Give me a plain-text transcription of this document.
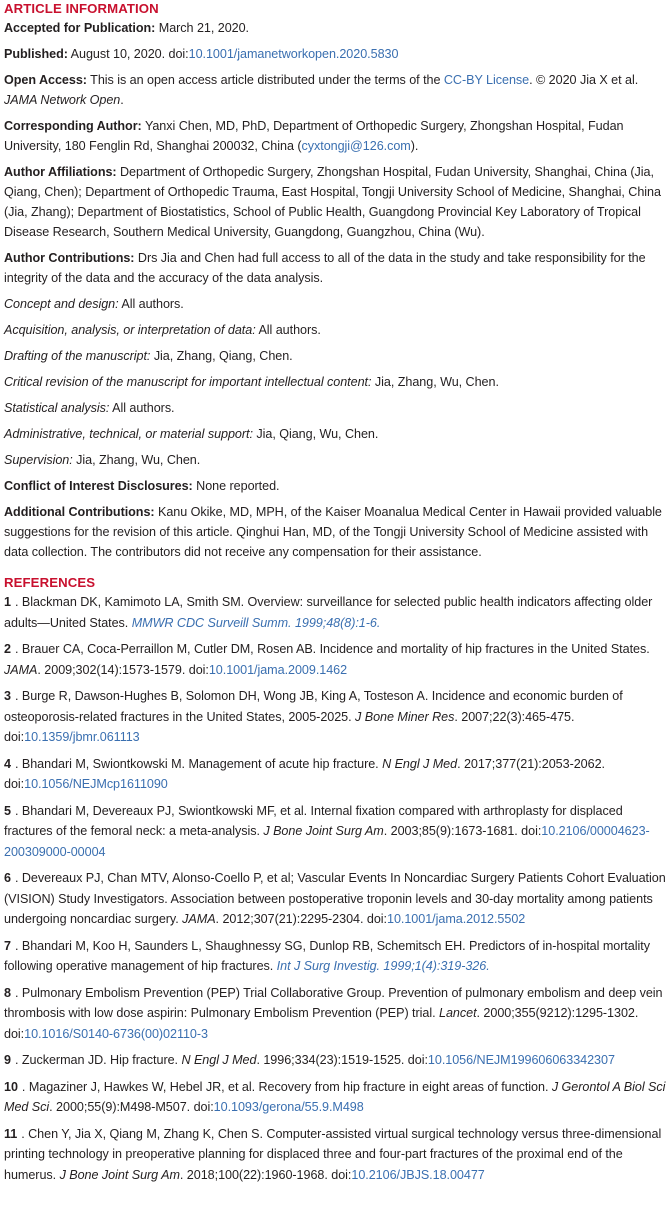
ARTICLE INFORMATION

Accepted for Publication: March 21, 2020.

Published: August 10, 2020. doi:10.1001/jamanetworkopen.2020.5830

Open Access: This is an open access article distributed under the terms of the CC-BY License. © 2020 Jia X et al. JAMA Network Open.

Corresponding Author: Yanxi Chen, MD, PhD, Department of Orthopedic Surgery, Zhongshan Hospital, Fudan University, 180 Fenglin Rd, Shanghai 200032, China (cyxtongji@126.com).

Author Affiliations: Department of Orthopedic Surgery, Zhongshan Hospital, Fudan University, Shanghai, China (Jia, Qiang, Chen); Department of Orthopedic Trauma, East Hospital, Tongji University School of Medicine, Shanghai, China (Jia, Zhang); Department of Biostatistics, School of Public Health, Guangdong Provincial Key Laboratory of Tropical Disease Research, Southern Medical University, Guangdong, Guangzhou, China (Wu).

Author Contributions: Drs Jia and Chen had full access to all of the data in the study and take responsibility for the integrity of the data and the accuracy of the data analysis.

Concept and design: All authors.

Acquisition, analysis, or interpretation of data: All authors.

Drafting of the manuscript: Jia, Zhang, Qiang, Chen.

Critical revision of the manuscript for important intellectual content: Jia, Zhang, Wu, Chen.

Statistical analysis: All authors.

Administrative, technical, or material support: Jia, Qiang, Wu, Chen.

Supervision: Jia, Zhang, Wu, Chen.

Conflict of Interest Disclosures: None reported.

Additional Contributions: Kanu Okike, MD, MPH, of the Kaiser Moanalua Medical Center in Hawaii provided valuable suggestions for the revision of this article. Qinghui Han, MD, of the Tongji University School of Medicine assisted with data collection. The contributors did not receive any compensation for their assistance.

REFERENCES

1 . Blackman DK, Kamimoto LA, Smith SM. Overview: surveillance for selected public health indicators affecting older adults—United States. MMWR CDC Surveill Summ. 1999;48(8):1-6.

2 . Brauer CA, Coca-Perraillon M, Cutler DM, Rosen AB. Incidence and mortality of hip fractures in the United States. JAMA. 2009;302(14):1573-1579. doi:10.1001/jama.2009.1462

3 . Burge R, Dawson-Hughes B, Solomon DH, Wong JB, King A, Tosteson A. Incidence and economic burden of osteoporosis-related fractures in the United States, 2005-2025. J Bone Miner Res. 2007;22(3):465-475. doi:10.1359/jbmr.061113

4 . Bhandari M, Swiontkowski M. Management of acute hip fracture. N Engl J Med. 2017;377(21):2053-2062. doi:10.1056/NEJMcp1611090

5 . Bhandari M, Devereaux PJ, Swiontkowski MF, et al. Internal fixation compared with arthroplasty for displaced fractures of the femoral neck: a meta-analysis. J Bone Joint Surg Am. 2003;85(9):1673-1681. doi:10.2106/00004623-200309000-00004

6 . Devereaux PJ, Chan MTV, Alonso-Coello P, et al; Vascular Events In Noncardiac Surgery Patients Cohort Evaluation (VISION) Study Investigators. Association between postoperative troponin levels and 30-day mortality among patients undergoing noncardiac surgery. JAMA. 2012;307(21):2295-2304. doi:10.1001/jama.2012.5502

7 . Bhandari M, Koo H, Saunders L, Shaughnessy SG, Dunlop RB, Schemitsch EH. Predictors of in-hospital mortality following operative management of hip fractures. Int J Surg Investig. 1999;1(4):319-326.

8 . Pulmonary Embolism Prevention (PEP) Trial Collaborative Group. Prevention of pulmonary embolism and deep vein thrombosis with low dose aspirin: Pulmonary Embolism Prevention (PEP) trial. Lancet. 2000;355(9212):1295-1302. doi:10.1016/S0140-6736(00)02110-3

9 . Zuckerman JD. Hip fracture. N Engl J Med. 1996;334(23):1519-1525. doi:10.1056/NEJM199606063342307

10 . Magaziner J, Hawkes W, Hebel JR, et al. Recovery from hip fracture in eight areas of function. J Gerontol A Biol Sci Med Sci. 2000;55(9):M498-M507. doi:10.1093/gerona/55.9.M498

11 . Chen Y, Jia X, Qiang M, Zhang K, Chen S. Computer-assisted virtual surgical technology versus three-dimensional printing technology in preoperative planning for displaced three and four-part fractures of the proximal end of the humerus. J Bone Joint Surg Am. 2018;100(22):1960-1968. doi:10.2106/JBJS.18.00477
